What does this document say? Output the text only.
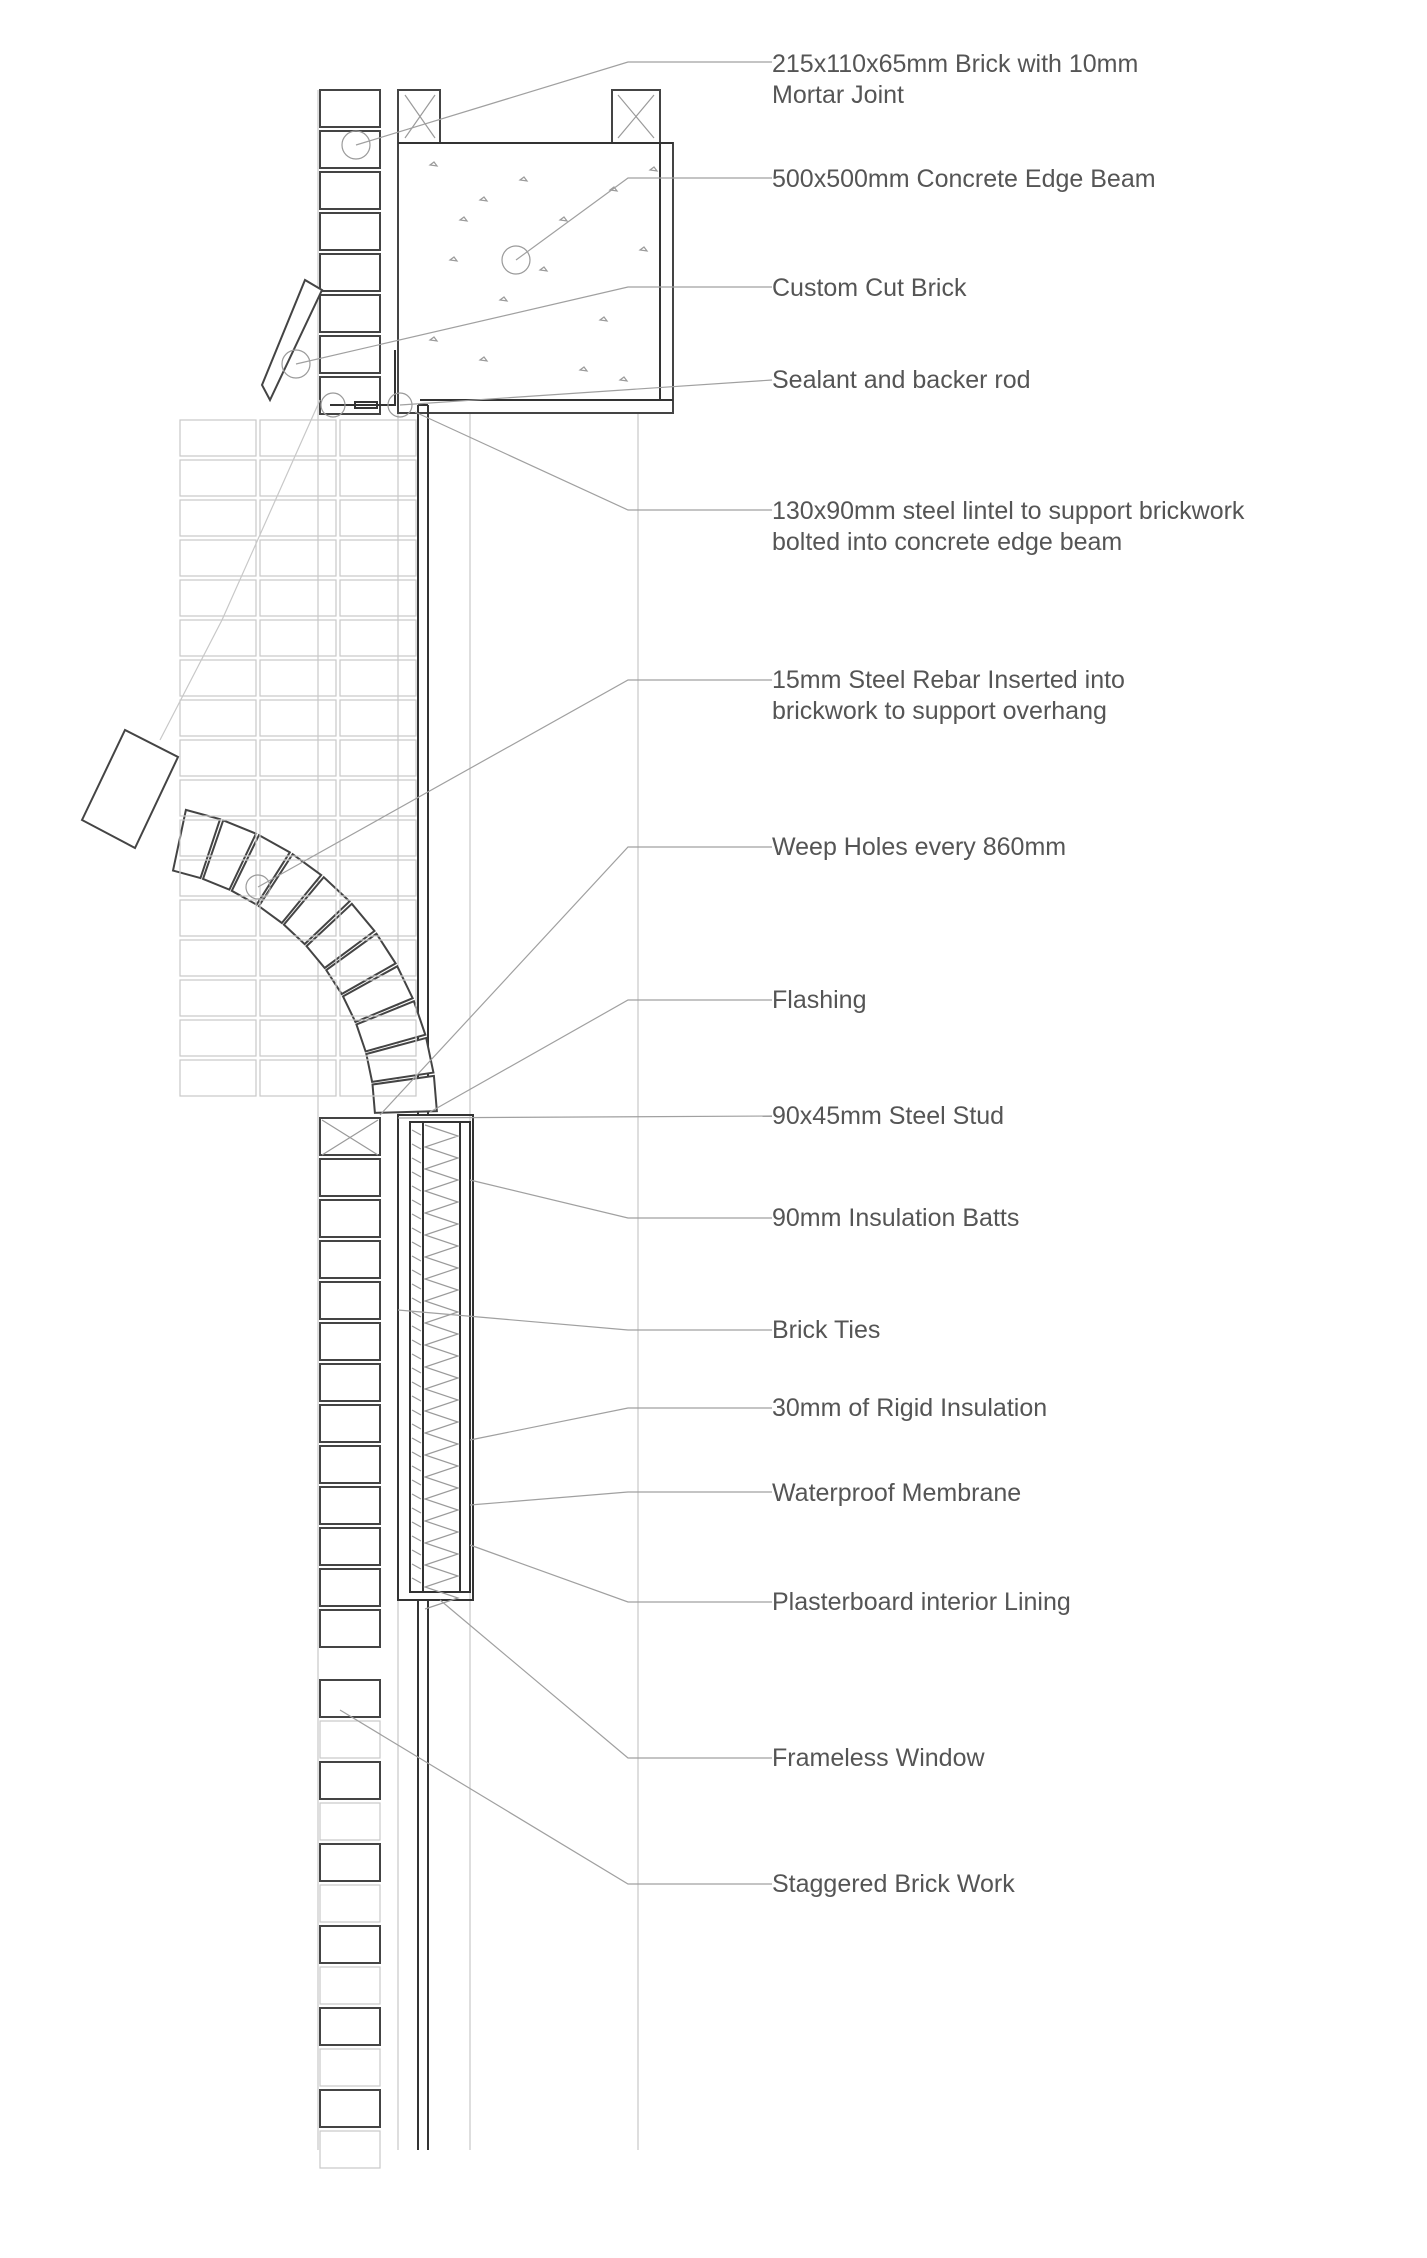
215x110x65mm Brick with 10mm Mortar Joint
500x500mm Concrete Edge Beam
Custom Cut Brick
Sealant and backer rod
130x90mm steel lintel to support brickwork bolted into concrete edge beam
15mm Steel Rebar Inserted into brickwork to support overhang
Weep Holes every 860mm
Flashing
90x45mm Steel Stud
90mm Insulation Batts
Brick Ties
30mm of Rigid Insulation
Waterproof Membrane
Plasterboard interior Lining
Frameless Window
Staggered Brick Work
